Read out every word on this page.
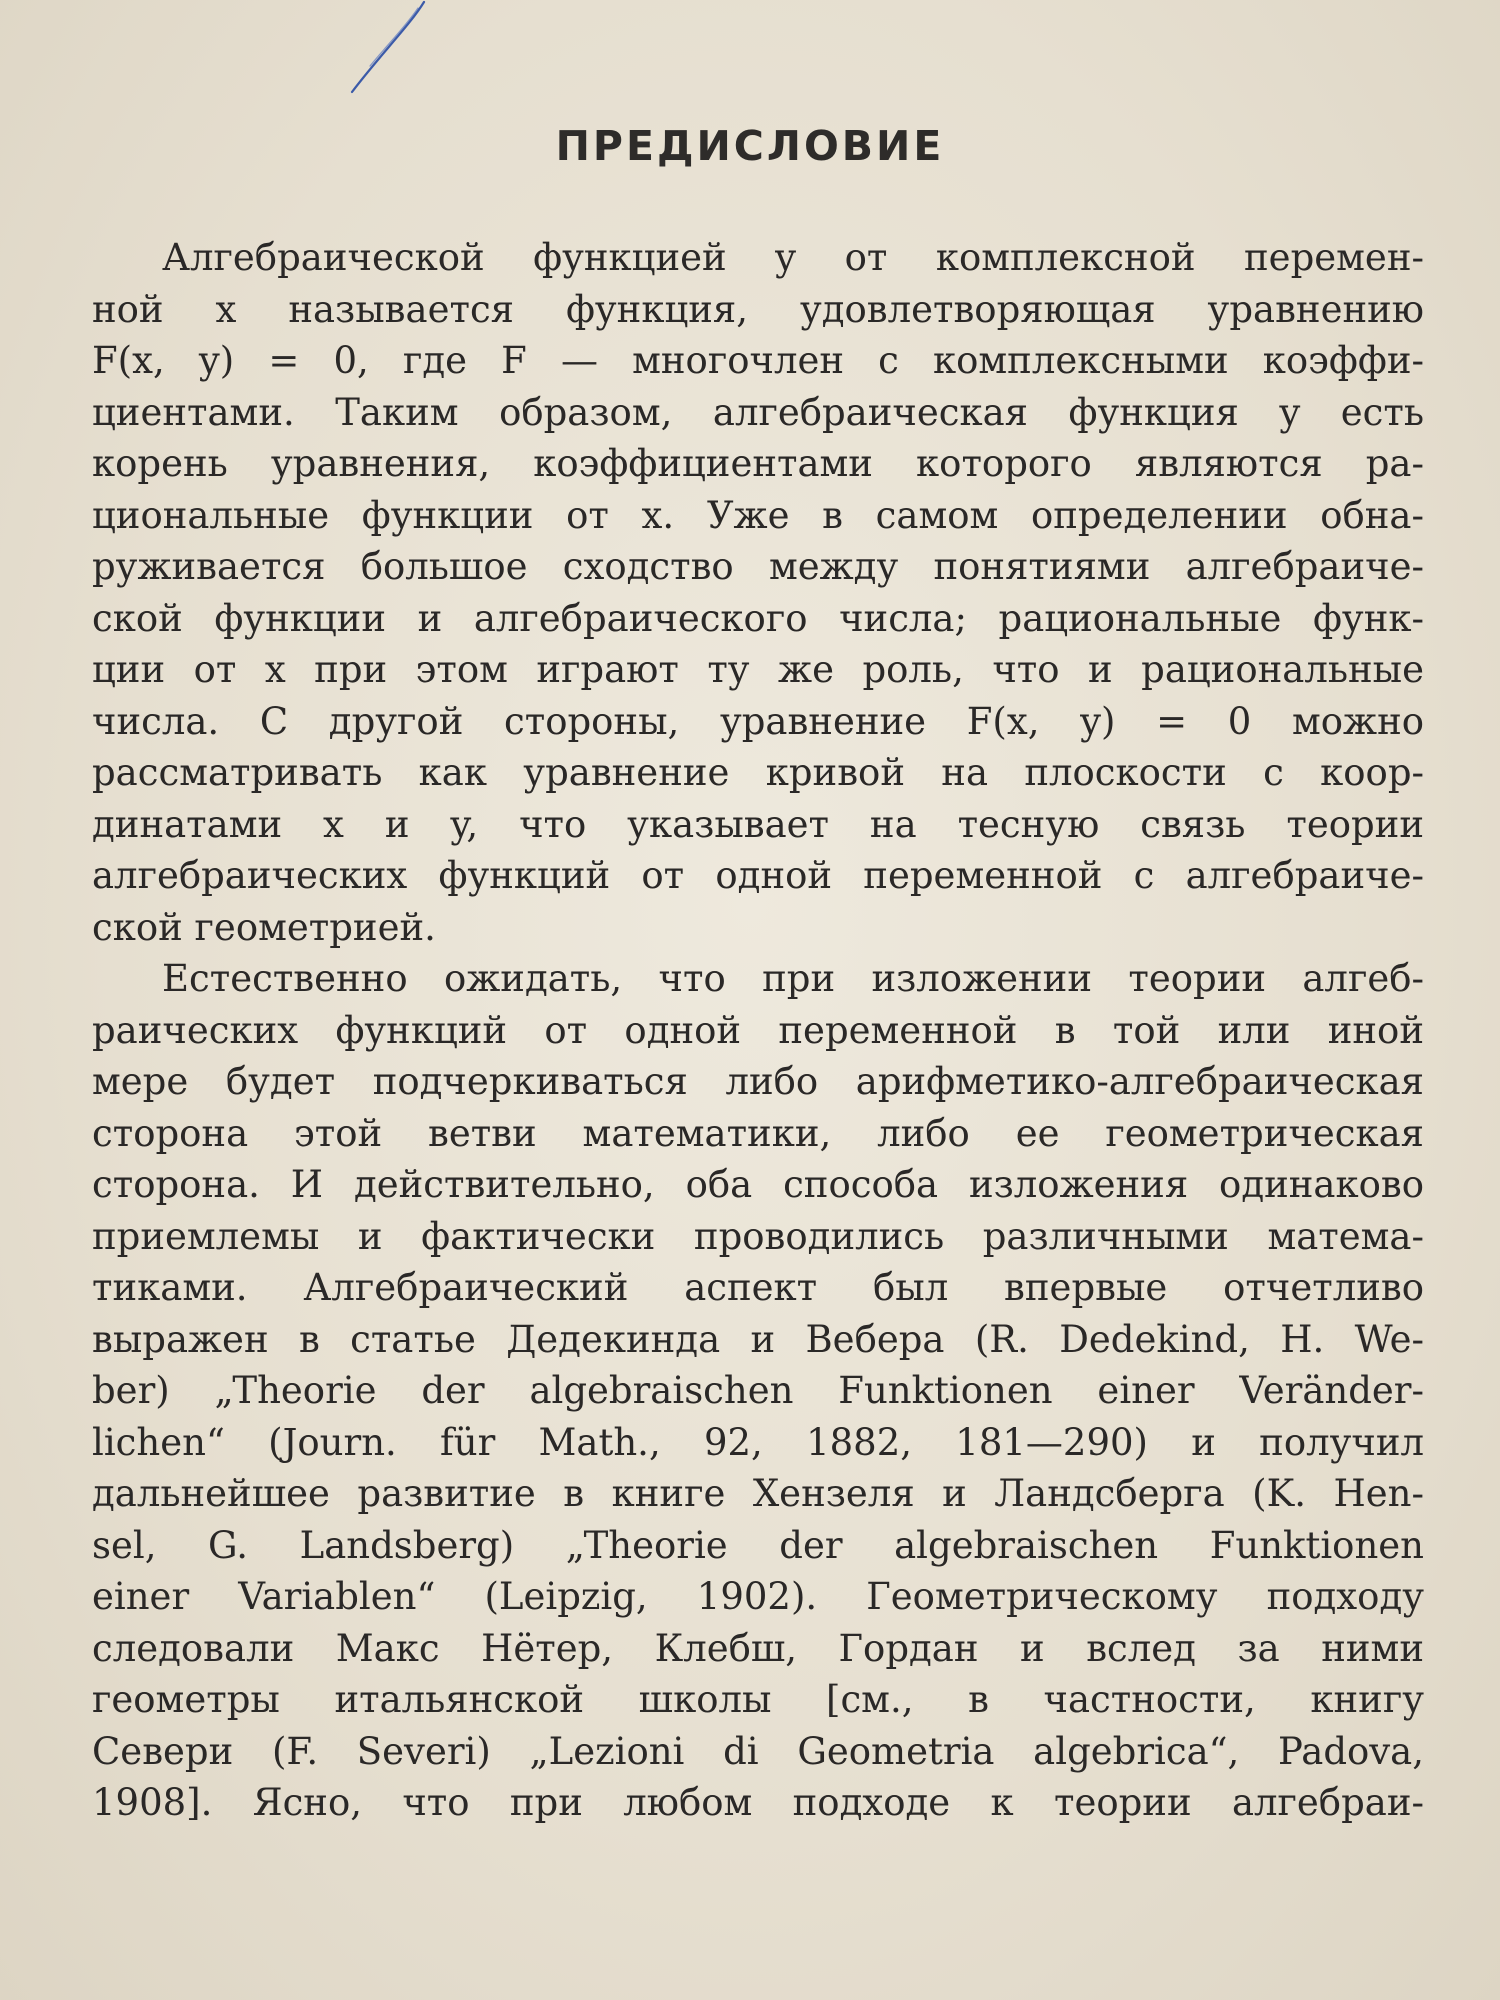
ПРЕДИСЛОВИЕ
Алгебраической функцией y от комплексной перемен-
ной x называется функция, удовлетворяющая уравнению
F(x, y) = 0, где F — многочлен с комплексными коэффи-
циентами. Таким образом, алгебраическая функция y есть
корень уравнения, коэффициентами которого являются ра-
циональные функции от x. Уже в самом определении обна-
руживается большое сходство между понятиями алгебраиче-
ской функции и алгебраического числа; рациональные функ-
ции от x при этом играют ту же роль, что и рациональные
числа. С другой стороны, уравнение F(x, y) = 0 можно
рассматривать как уравнение кривой на плоскости с коор-
динатами x и y, что указывает на тесную связь теории
алгебраических функций от одной переменной с алгебраиче-
ской геометрией.
Естественно ожидать, что при изложении теории алгеб-
раических функций от одной переменной в той или иной
мере будет подчеркиваться либо арифметико-алгебраическая
сторона этой ветви математики, либо ее геометрическая
сторона. И действительно, оба способа изложения одинаково
приемлемы и фактически проводились различными матема-
тиками. Алгебраический аспект был впервые отчетливо
выражен в статье Дедекинда и Вебера (R. Dedekind, H. We-
ber) „Theorie der algebraischen Funktionen einer Veränder-
lichen“ (Journ. für Math., 92, 1882, 181—290) и получил
дальнейшее развитие в книге Хензеля и Ландсберга (K. Hen-
sel, G. Landsberg) „Theorie der algebraischen Funktionen
einer Variablen“ (Leipzig, 1902). Геометрическому подходу
следовали Макс Нётер, Клебш, Гордан и вслед за ними
геометры итальянской школы [см., в частности, книгу
Севери (F. Severi) „Lezioni di Geometria algebrica“, Padova,
1908]. Ясно, что при любом подходе к теории алгебраи-
